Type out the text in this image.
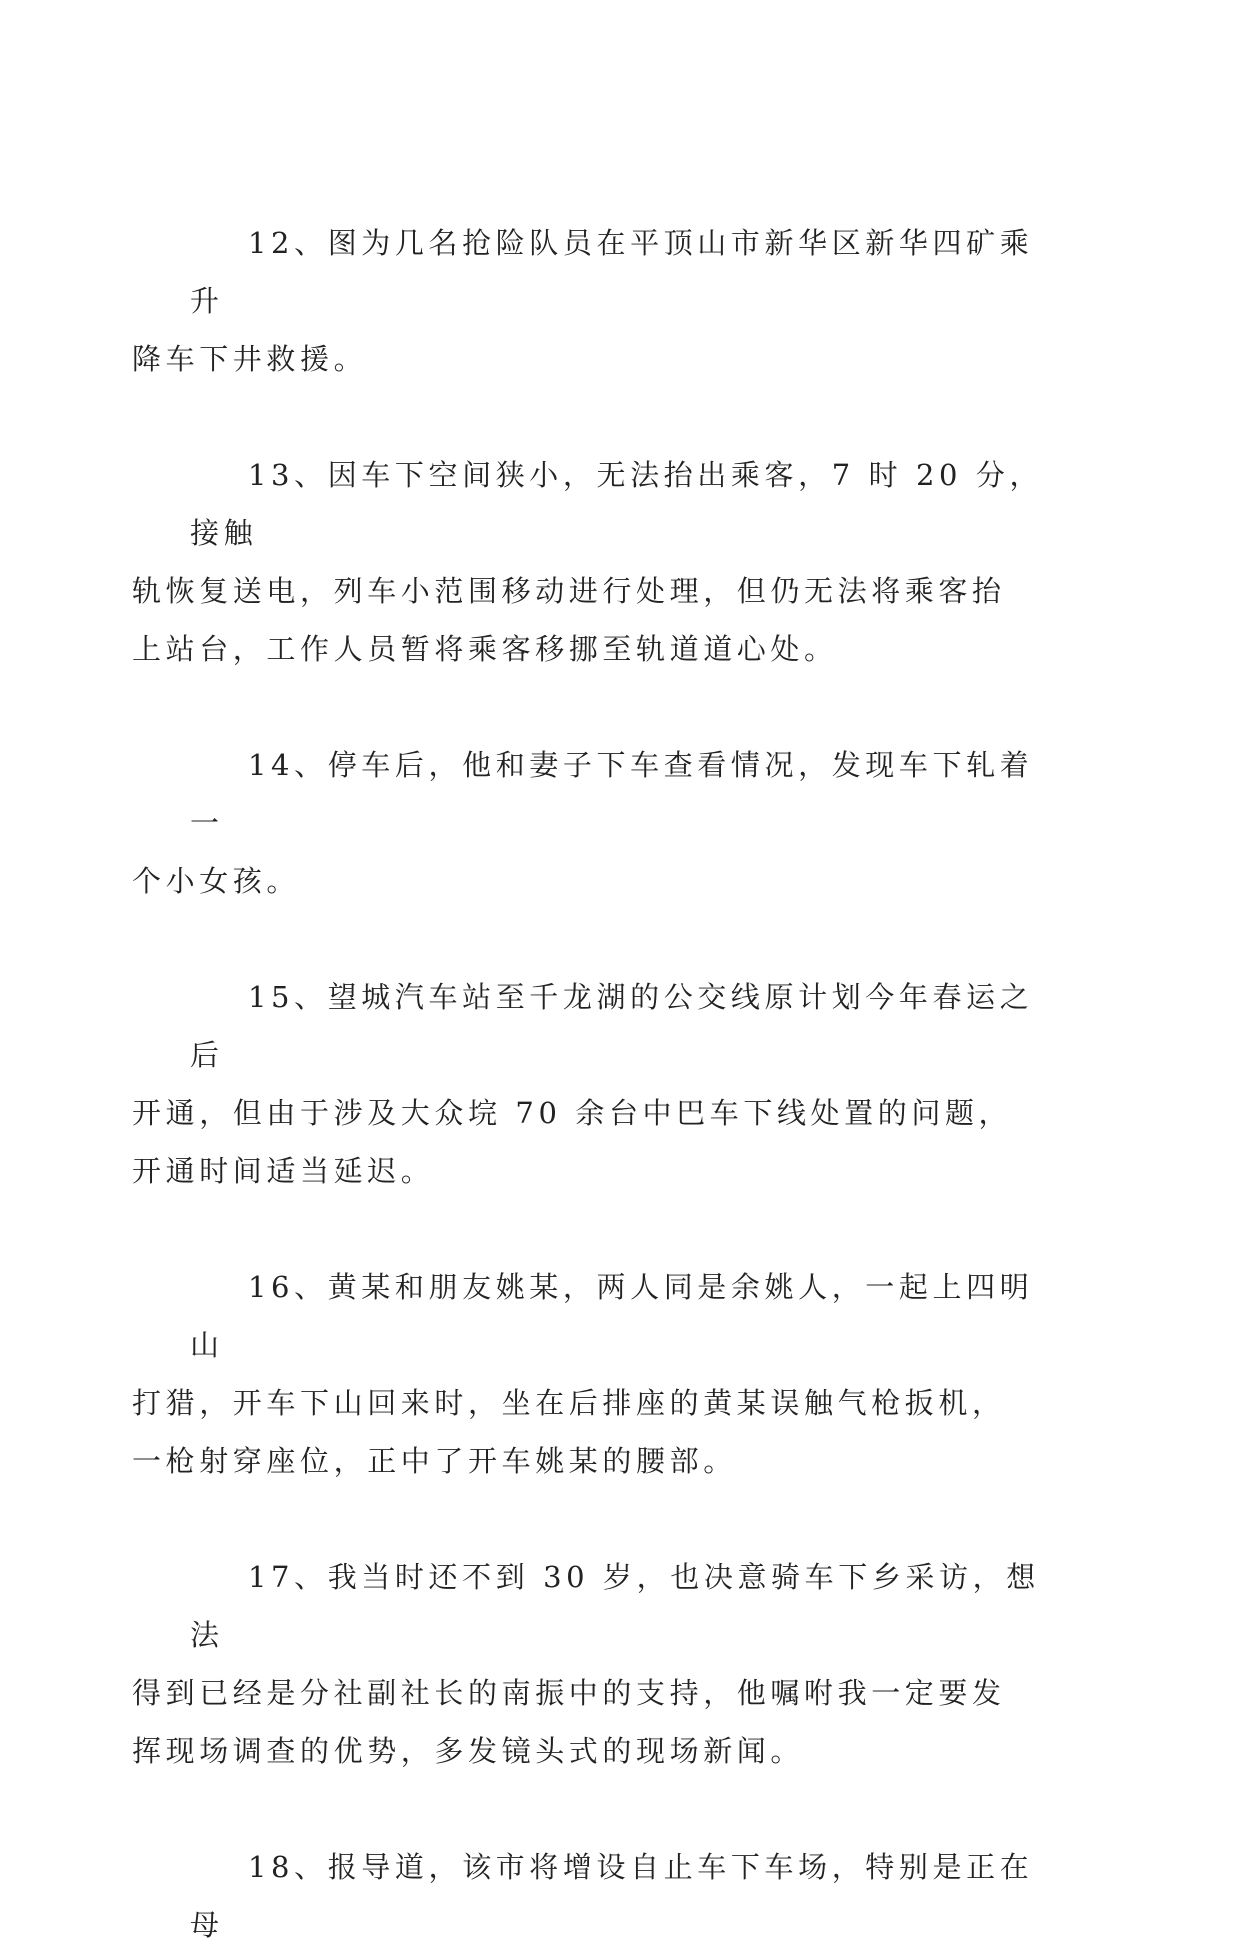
12、图为几名抢险队员在平顶山市新华区新华四矿乘升
降车下井救援。

13、因车下空间狭小，无法抬出乘客，7 时 20 分，接触
轨恢复送电，列车小范围移动进行处理，但仍无法将乘客抬
上站台，工作人员暂将乘客移挪至轨道道心处。

14、停车后，他和妻子下车查看情况，发现车下轧着一
个小女孩。

15、望城汽车站至千龙湖的公交线原计划今年春运之后
开通，但由于涉及大众垸 70 余台中巴车下线处置的问题，
开通时间适当延迟。

16、黄某和朋友姚某，两人同是余姚人，一起上四明山
打猎，开车下山回来时，坐在后排座的黄某误触气枪扳机，
一枪射穿座位，正中了开车姚某的腰部。

17、我当时还不到 30 岁，也决意骑车下乡采访，想法
得到已经是分社副社长的南振中的支持，他嘱咐我一定要发
挥现场调查的优势，多发镜头式的现场新闻。

18、报导道，该市将增设自止车下车场，特别是正在母
